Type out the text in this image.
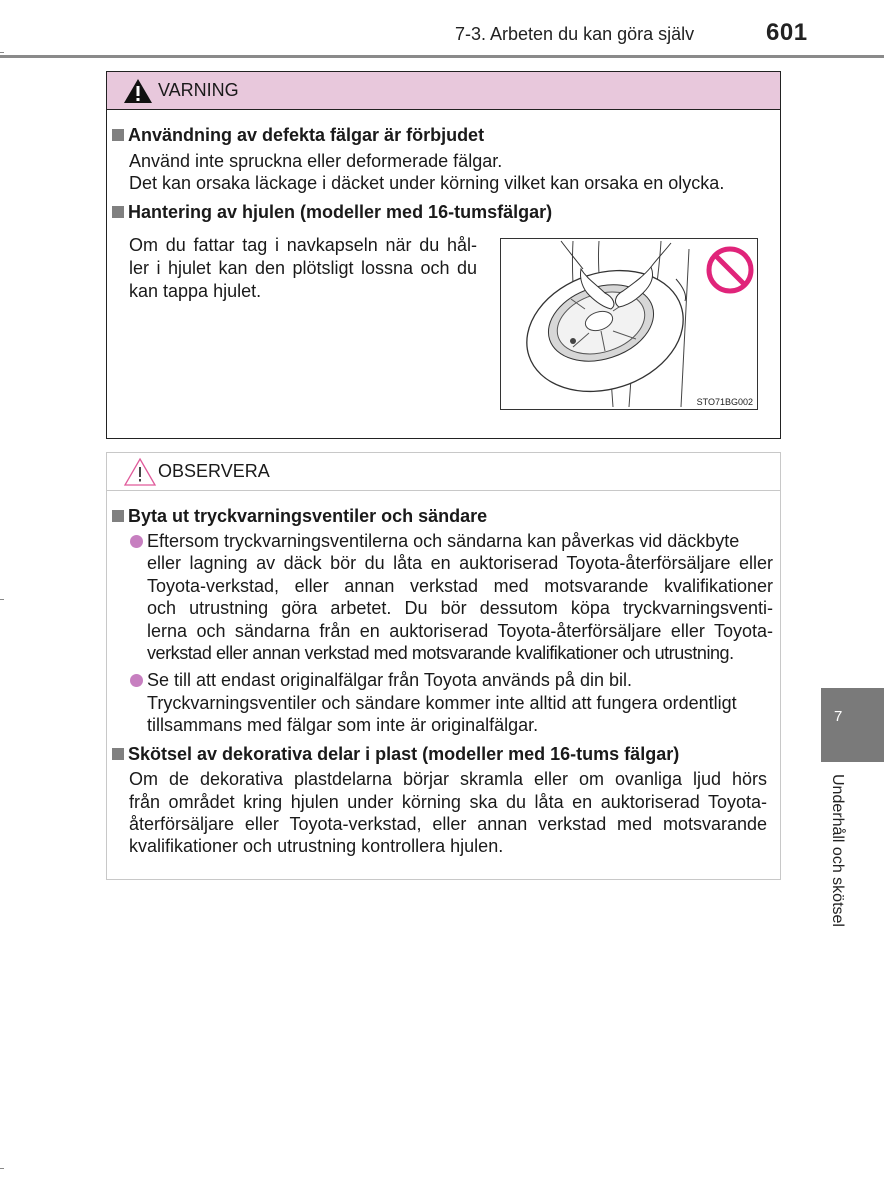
7-3. Arbeten du kan göra själv	601
VARNING
Användning av defekta fälgar är förbjudet
Använd inte spruckna eller deformerade fälgar.
Det kan orsaka läckage i däcket under körning vilket kan orsaka en olycka.
Hantering av hjulen (modeller med 16-tumsfälgar)
Om du fattar tag i navkapseln när du hål-
ler i hjulet kan den plötsligt lossna och du
kan tappa hjulet.
STO71BG002
OBSERVERA
Byta ut tryckvarningsventiler och sändare
Eftersom tryckvarningsventilerna och sändarna kan påverkas vid däckbyte
eller lagning av däck bör du låta en auktoriserad Toyota-återförsäljare eller
Toyota-verkstad, eller annan verkstad med motsvarande kvalifikationer
och utrustning göra arbetet. Du bör dessutom köpa tryckvarningsventi-
lerna och sändarna från en auktoriserad Toyota-återförsäljare eller Toyota-
verkstad eller annan verkstad med motsvarande kvalifikationer och utrustning.
Se till att endast originalfälgar från Toyota används på din bil.
Tryckvarningsventiler och sändare kommer inte alltid att fungera ordentligt
tillsammans med fälgar som inte är originalfälgar.
Skötsel av dekorativa delar i plast (modeller med 16-tums fälgar)
Om de dekorativa plastdelarna börjar skramla eller om ovanliga ljud hörs
från området kring hjulen under körning ska du låta en auktoriserad Toyota-
återförsäljare eller Toyota-verkstad, eller annan verkstad med motsvarande
kvalifikationer och utrustning kontrollera hjulen.
7
Underhåll och skötsel
